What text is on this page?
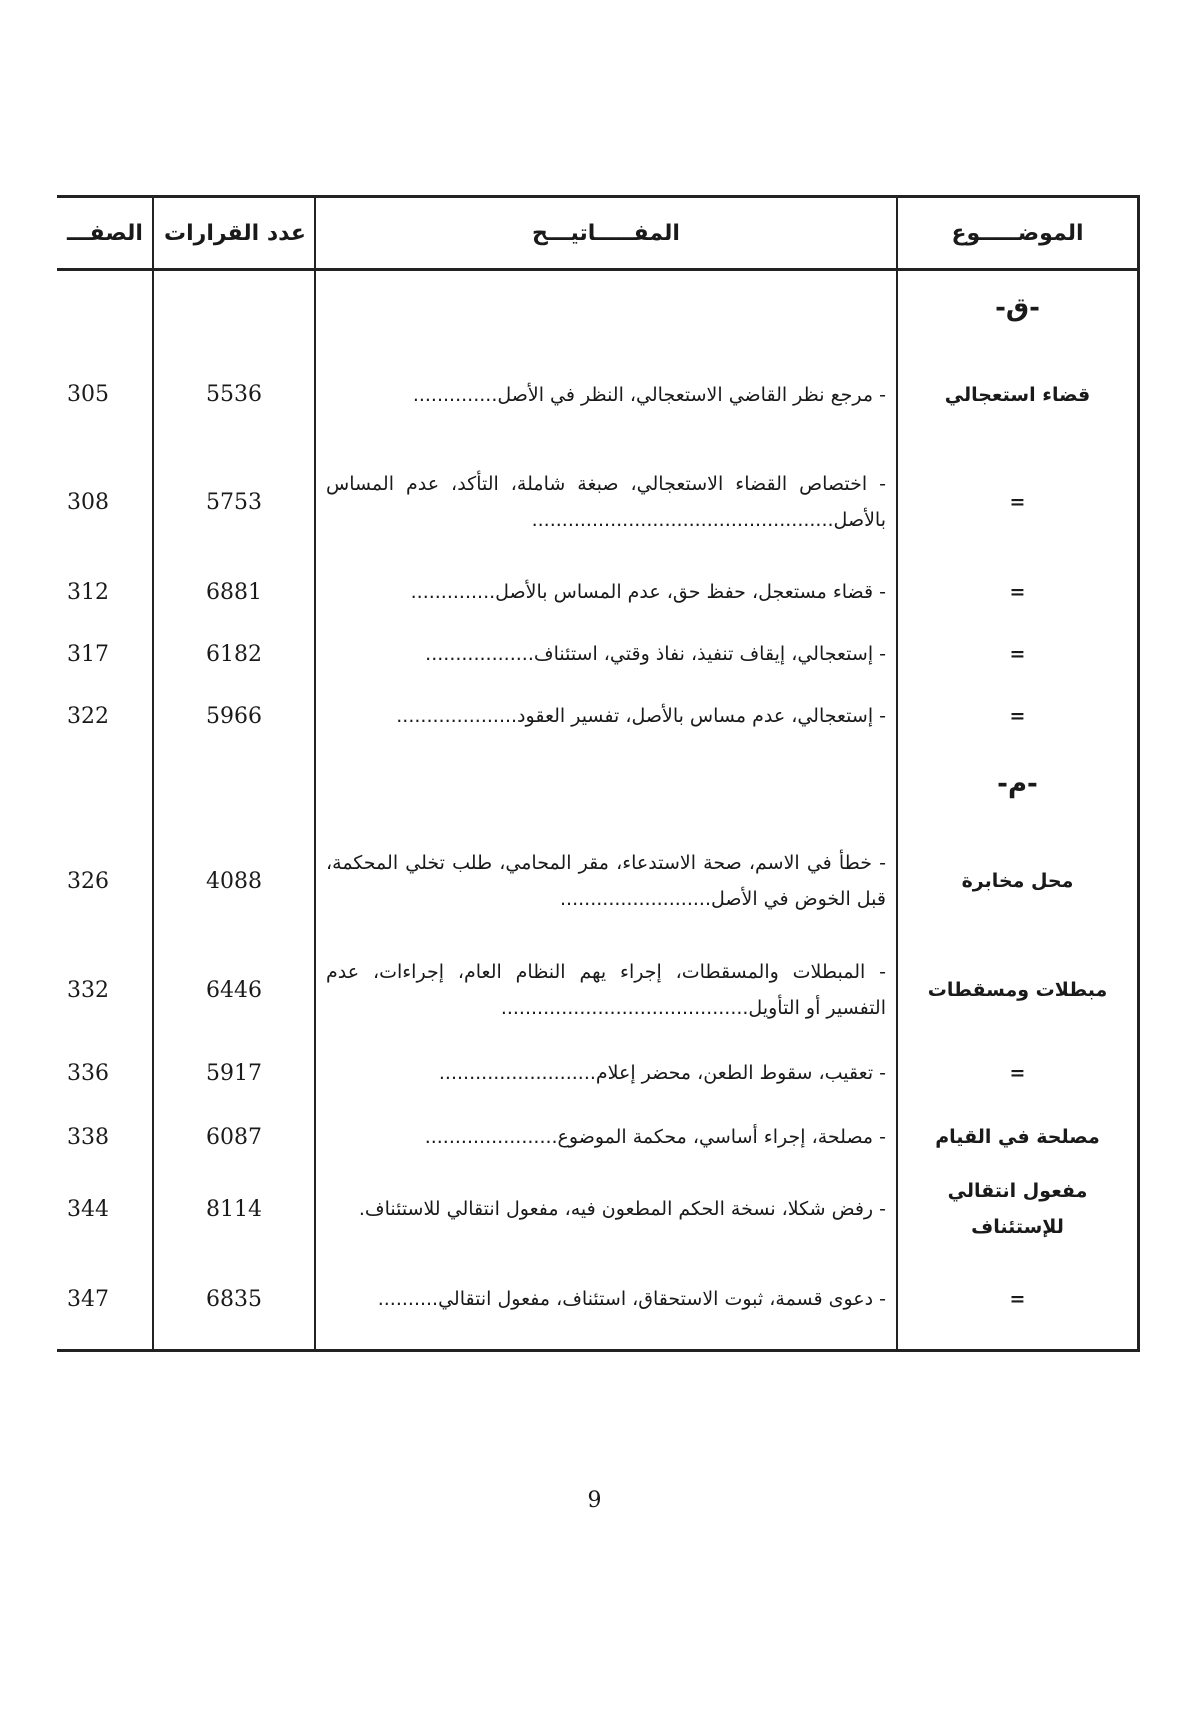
الصفـــ	عدد القرارات	المفـــــاتيـــح	الموضـــــوع
			-ق-
305	5536	- مرجع نظر القاضي الاستعجالي، النظر في الأصل..............	قضاء استعجالي
308	5753	- اختصاص القضاء الاستعجالي، صبغة شاملة، التأكد، عدم المساس بالأصل..................................................	=
312	6881	- قضاء مستعجل، حفظ حق، عدم المساس بالأصل..............	=
317	6182	- إستعجالي، إيقاف تنفيذ، نفاذ وقتي، استئناف..................	=
322	5966	- إستعجالي، عدم مساس بالأصل، تفسير العقود....................	=
			-م-
326	4088	- خطأ في الاسم، صحة الاستدعاء، مقر المحامي، طلب تخلي المحكمة، قبل الخوض في الأصل.........................	محل مخابرة
332	6446	- المبطلات والمسقطات، إجراء يهم النظام العام، إجراءات، عدم التفسير أو التأويل.........................................	مبطلات ومسقطات
336	5917	- تعقيب، سقوط الطعن، محضر إعلام..........................	=
338	6087	- مصلحة، إجراء أساسي، محكمة الموضوع......................	مصلحة في القيام
344	8114	- رفض شكلا، نسخة الحكم المطعون فيه، مفعول انتقالي للاستئناف.	مفعول انتقالي للإستئناف
347	6835	- دعوى قسمة، ثبوت الاستحقاق، استئناف، مفعول انتقالي..........	=
9
